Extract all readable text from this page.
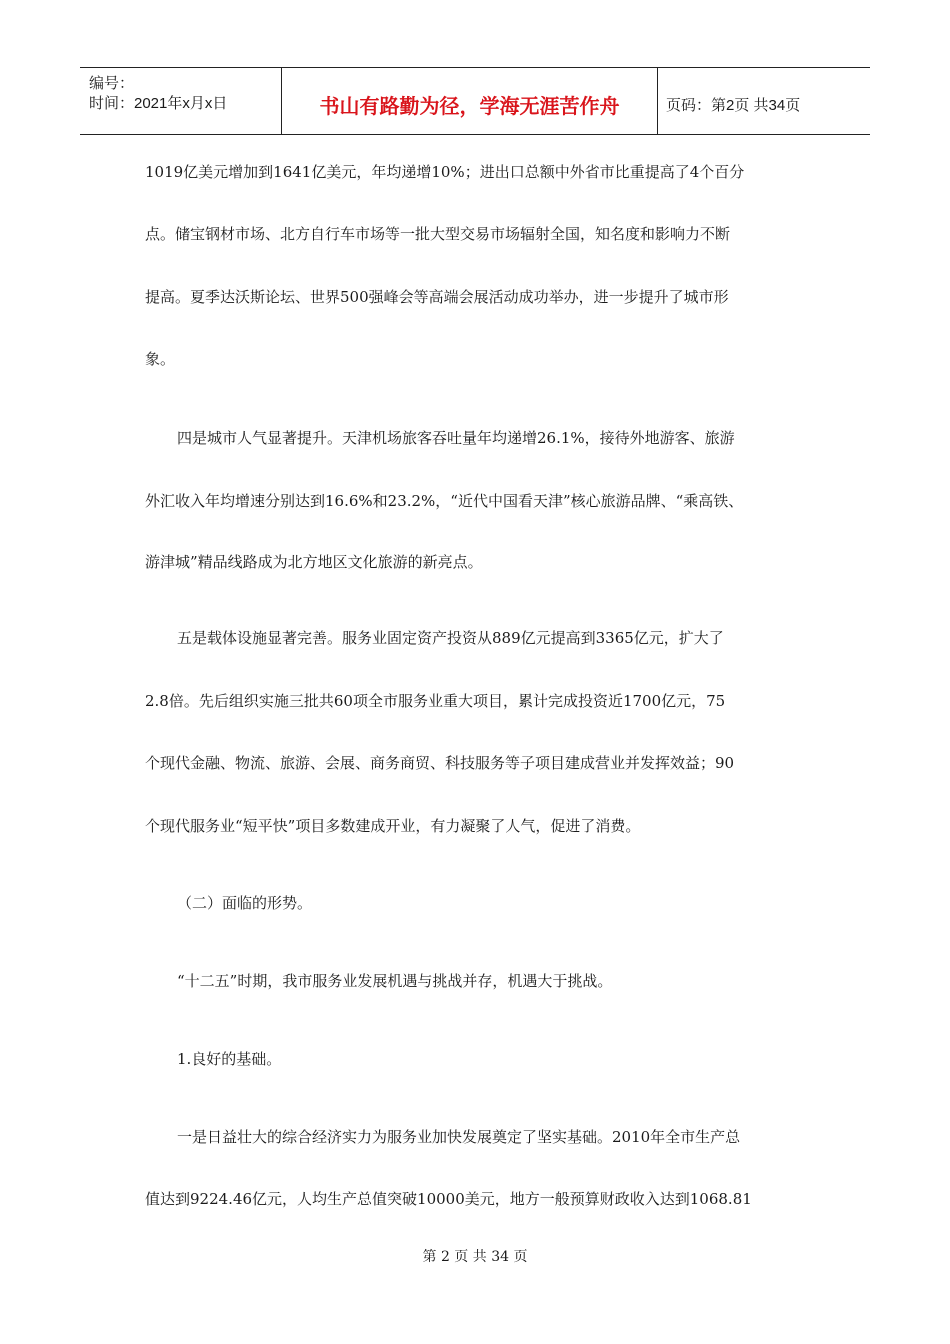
编号：
时间：2021年x月x日	书山有路勤为径，学海无涯苦作舟	页码：第2页 共34页
1019亿美元增加到1641亿美元，年均递增10%；进出口总额中外省市比重提高了4个百分
点。储宝钢材市场、北方自行车市场等一批大型交易市场辐射全国，知名度和影响力不断
提高。夏季达沃斯论坛、世界500强峰会等高端会展活动成功举办，进一步提升了城市形
象。
四是城市人气显著提升。天津机场旅客吞吐量年均递增26.1%，接待外地游客、旅游
外汇收入年均增速分别达到16.6%和23.2%，“近代中国看天津”核心旅游品牌、“乘高铁、
游津城”精品线路成为北方地区文化旅游的新亮点。
五是载体设施显著完善。服务业固定资产投资从889亿元提高到3365亿元，扩大了
2.8倍。先后组织实施三批共60项全市服务业重大项目，累计完成投资近1700亿元，75
个现代金融、物流、旅游、会展、商务商贸、科技服务等子项目建成营业并发挥效益；90
个现代服务业“短平快”项目多数建成开业，有力凝聚了人气，促进了消费。
（二）面临的形势。
“十二五”时期，我市服务业发展机遇与挑战并存，机遇大于挑战。
1.良好的基础。
一是日益壮大的综合经济实力为服务业加快发展奠定了坚实基础。2010年全市生产总
值达到9224.46亿元，人均生产总值突破10000美元，地方一般预算财政收入达到1068.81
第 2 页 共 34 页
